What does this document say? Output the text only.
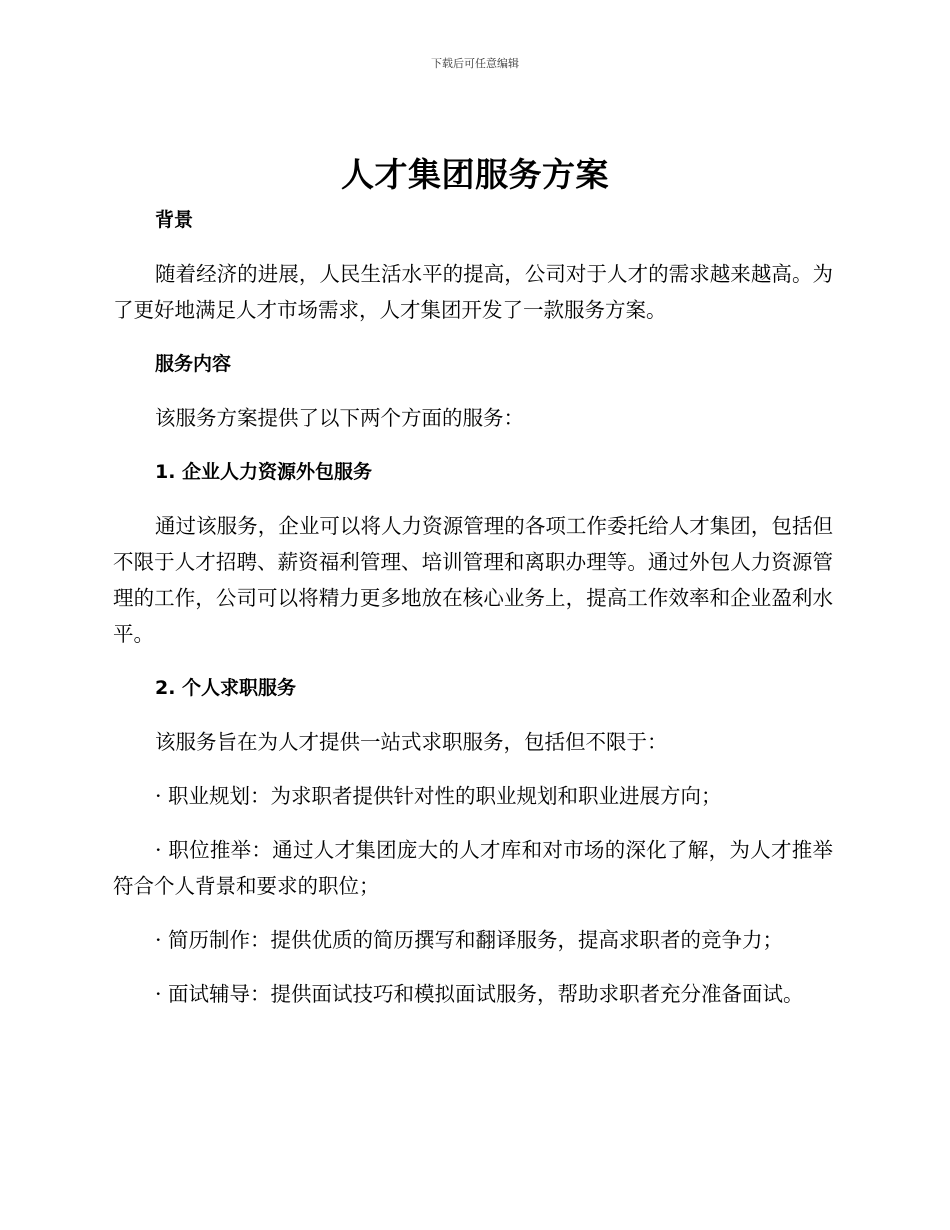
下载后可任意编辑
人才集团服务方案
背景

随着经济的进展，人民生活水平的提高，公司对于人才的需求越来越高。为了更好地满足人才市场需求，人才集团开发了一款服务方案。

服务内容

该服务方案提供了以下两个方面的服务：

1. 企业人力资源外包服务

通过该服务，企业可以将人力资源管理的各项工作委托给人才集团，包括但不限于人才招聘、薪资福利管理、培训管理和离职办理等。通过外包人力资源管理的工作，公司可以将精力更多地放在核心业务上，提高工作效率和企业盈利水平。

2. 个人求职服务

该服务旨在为人才提供一站式求职服务，包括但不限于：

· 职业规划：为求职者提供针对性的职业规划和职业进展方向；

· 职位推举：通过人才集团庞大的人才库和对市场的深化了解，为人才推举符合个人背景和要求的职位；

· 简历制作：提供优质的简历撰写和翻译服务，提高求职者的竞争力；

· 面试辅导：提供面试技巧和模拟面试服务，帮助求职者充分准备面试。
